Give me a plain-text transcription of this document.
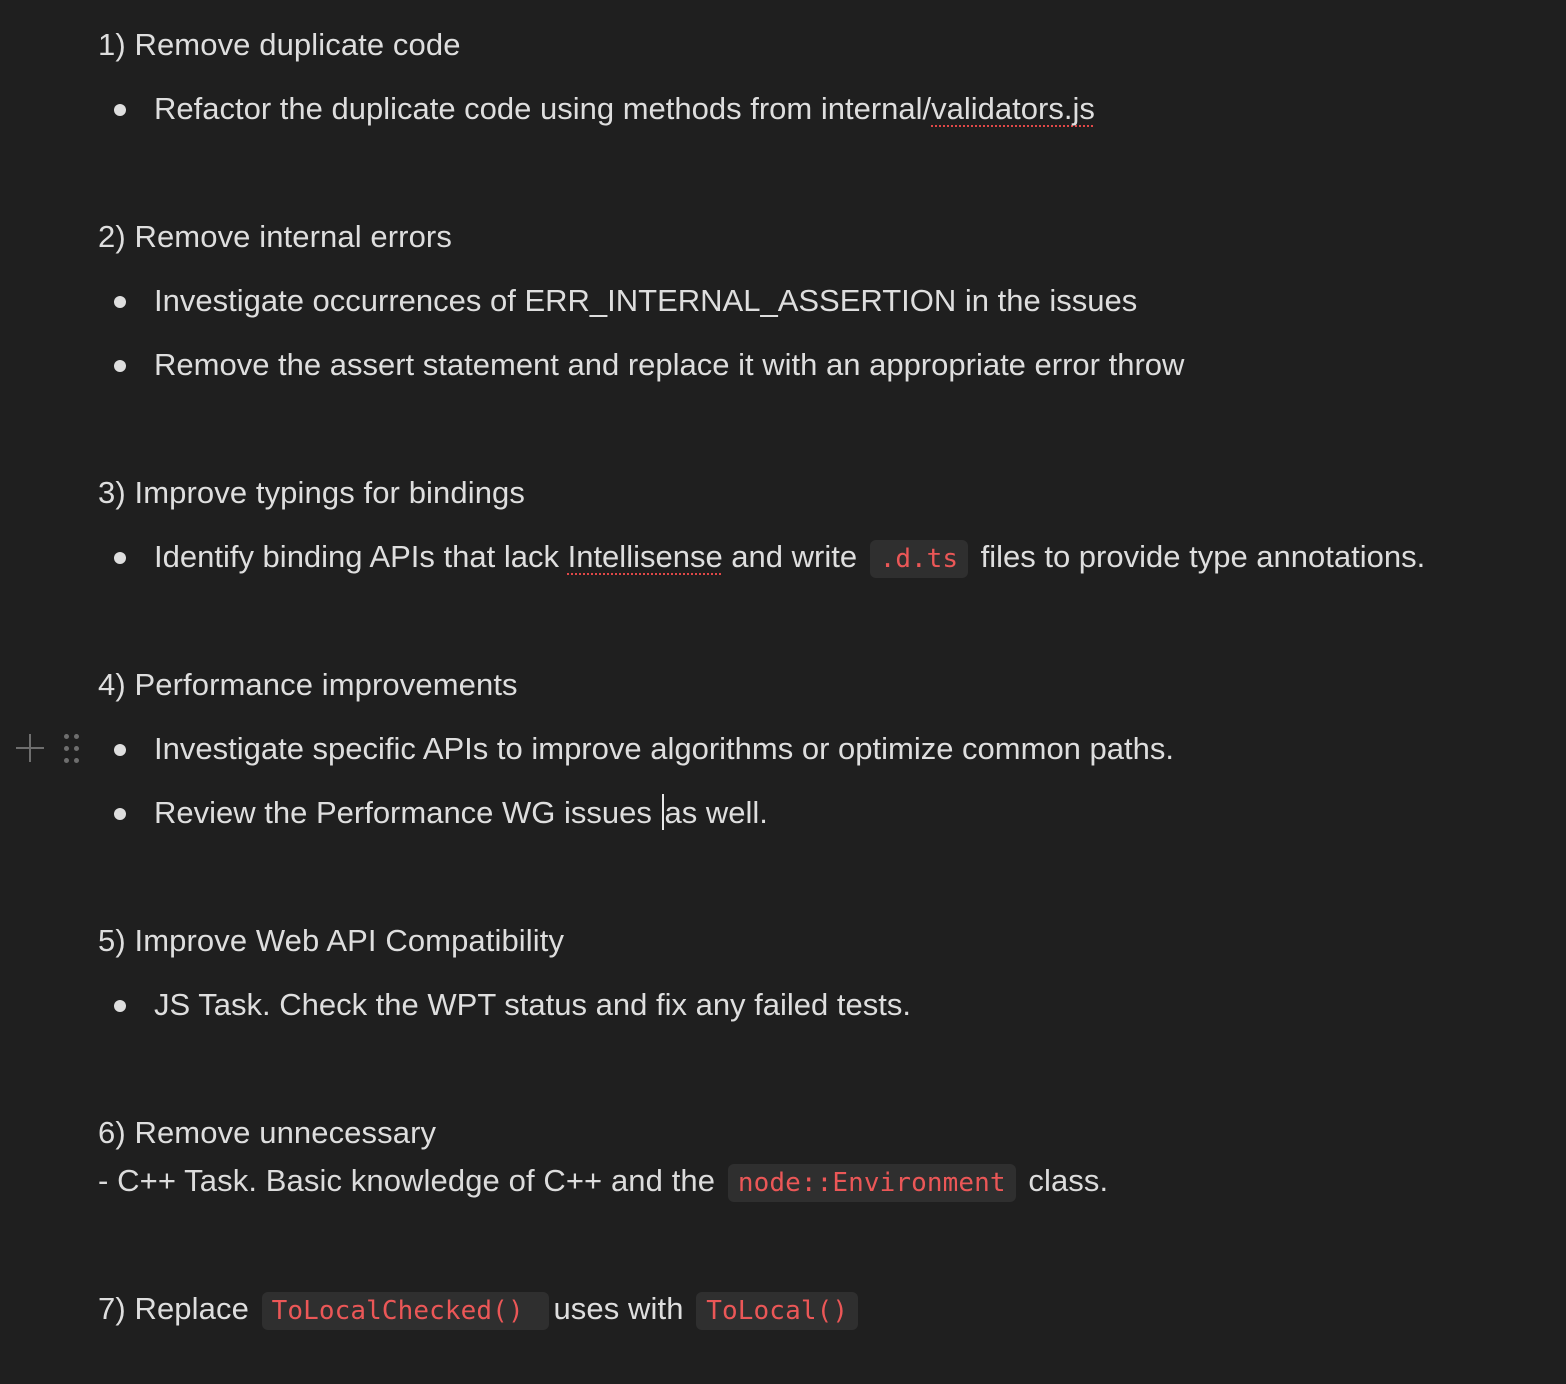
1) Remove duplicate code
Refactor the duplicate code using methods from internal/validators.js
2) Remove internal errors
Investigate occurrences of ERR_INTERNAL_ASSERTION in the issues
Remove the assert statement and replace it with an appropriate error throw
3) Improve typings for bindings
Identify binding APIs that lack Intellisense and write .d.ts files to provide type annotations.
4) Performance improvements
Investigate specific APIs to improve algorithms or optimize common paths.
Review the Performance WG issues as well.
5) Improve Web API Compatibility
JS Task. Check the WPT status and fix any failed tests.
6) Remove unnecessary
- C++ Task. Basic knowledge of C++ and the node::Environment class.
7) Replace ToLocalChecked() uses with ToLocal()
